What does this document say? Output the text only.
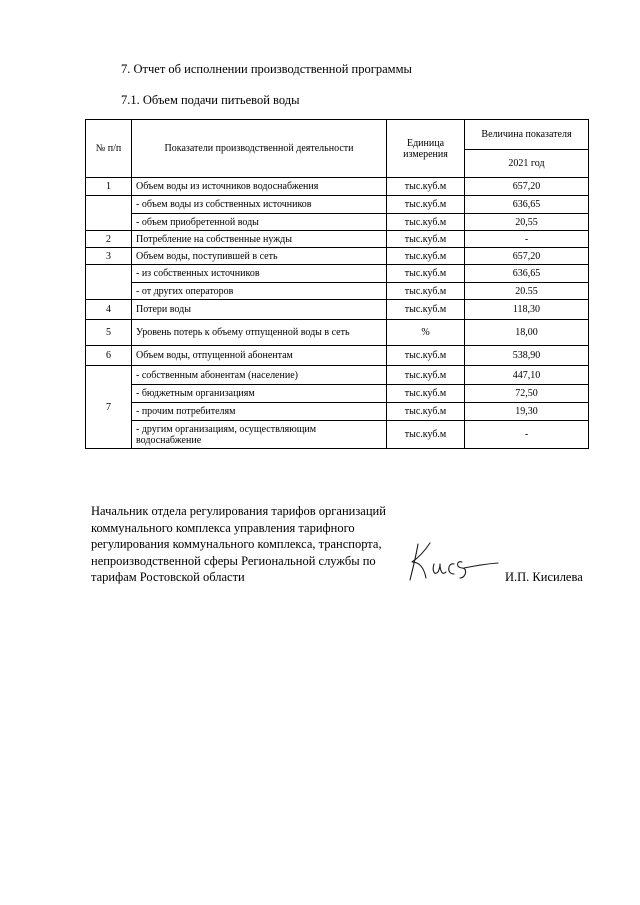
7. Отчет об исполнении производственной программы
7.1. Объем подачи питьевой воды
№ п/п	Показатели производственной деятельности	Единица измерения	Величина показателя
			2021 год
1	Объем воды из источников водоснабжения	тыс.куб.м	657,20
	- объем воды из собственных источников	тыс.куб.м	636,65
	- объем приобретенной воды	тыс.куб.м	20,55
2	Потребление на собственные нужды	тыс.куб.м	-
3	Объем воды, поступившей в сеть	тыс.куб.м	657,20
	- из собственных источников	тыс.куб.м	636,65
	- от других операторов	тыс.куб.м	20.55
4	Потери воды	тыс.куб.м	118,30
5	Уровень потерь к объему отпущенной воды в сеть	%	18,00
6	Объем воды, отпущенной абонентам	тыс.куб.м	538,90
7	- собственным абонентам (население)	тыс.куб.м	447,10
	- бюджетным организациям	тыс.куб.м	72,50
	- прочим потребителям	тыс.куб.м	19,30
	- другим организациям, осуществляющим водоснабжение	тыс.куб.м	-
Начальник отдела регулирования тарифов организаций
коммунального комплекса управления тарифного
регулирования коммунального комплекса, транспорта,
непроизводственной сферы Региональной службы по
тарифам Ростовской области	И.П. Кисилева
